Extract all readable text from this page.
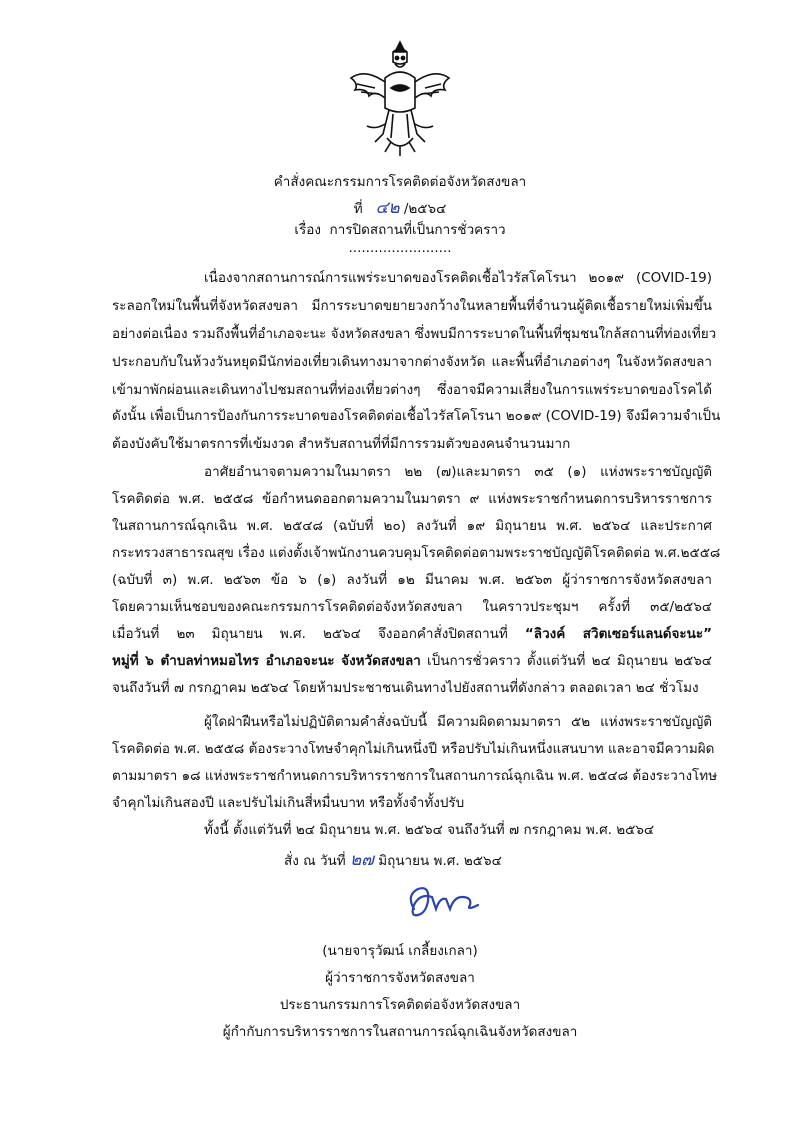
คำสั่งคณะกรรมการโรคติดต่อจังหวัดสงขลา
ที่ ๔๒ /๒๕๖๔
เรื่อง การปิดสถานที่เป็นการชั่วคราว
........................
เนื่องจากสถานการณ์การแพร่ระบาดของโรคติดเชื้อไวรัสโคโรนา ๒๐๑๙ (COVID-19)
ระลอกใหม่ในพื้นที่จังหวัดสงขลา มีการระบาดขยายวงกว้างในหลายพื้นที่จำนวนผู้ติดเชื้อรายใหม่เพิ่มขึ้น
อย่างต่อเนื่อง รวมถึงพื้นที่อำเภอจะนะ จังหวัดสงขลา ซึ่งพบมีการระบาดในพื้นที่ชุมชนใกล้สถานที่ท่องเที่ยว
ประกอบกับในห้วงวันหยุดมีนักท่องเที่ยวเดินทางมาจากต่างจังหวัด และพื้นที่อำเภอต่างๆ ในจังหวัดสงขลา
เข้ามาพักผ่อนและเดินทางไปชมสถานที่ท่องเที่ยวต่างๆ ซึ่งอาจมีความเสี่ยงในการแพร่ระบาดของโรคได้
ดังนั้น เพื่อเป็นการป้องกันการระบาดของโรคติดต่อเชื้อไวรัสโคโรนา ๒๐๑๙ (COVID-19) จึงมีความจำเป็น
ต้องบังคับใช้มาตรการที่เข้มงวด สำหรับสถานที่ที่มีการรวมตัวของคนจำนวนมาก
อาศัยอำนาจตามความในมาตรา ๒๒ (๗)และมาตรา ๓๕ (๑) แห่งพระราชบัญญัติ
โรคติดต่อ พ.ศ. ๒๕๕๘ ข้อกำหนดออกตามความในมาตรา ๙ แห่งพระราชกำหนดการบริหารราชการ
ในสถานการณ์ฉุกเฉิน พ.ศ. ๒๕๔๘ (ฉบับที่ ๒๐) ลงวันที่ ๑๙ มิถุนายน พ.ศ. ๒๕๖๔ และประกาศ
กระทรวงสาธารณสุข เรื่อง แต่งตั้งเจ้าพนักงานควบคุมโรคติดต่อตามพระราชบัญญัติโรคติดต่อ พ.ศ.๒๕๕๘
(ฉบับที่ ๓) พ.ศ. ๒๕๖๓ ข้อ ๖ (๑) ลงวันที่ ๑๒ มีนาคม พ.ศ. ๒๕๖๓ ผู้ว่าราชการจังหวัดสงขลา
โดยความเห็นชอบของคณะกรรมการโรคติดต่อจังหวัดสงขลา ในคราวประชุมฯ ครั้งที่ ๓๕/๒๕๖๔
เมื่อวันที่ ๒๓ มิถุนายน พ.ศ. ๒๕๖๔ จึงออกคำสั่งปิดสถานที่ “ลิวงค์ สวิตเซอร์แลนด์จะนะ”
หมู่ที่ ๖ ตำบลท่าหมอไทร อำเภอจะนะ จังหวัดสงขลา เป็นการชั่วคราว ตั้งแต่วันที่ ๒๔ มิถุนายน ๒๕๖๔
จนถึงวันที่ ๗ กรกฎาคม ๒๕๖๔ โดยห้ามประชาชนเดินทางไปยังสถานที่ดังกล่าว ตลอดเวลา ๒๔ ชั่วโมง
ผู้ใดฝ่าฝืนหรือไม่ปฏิบัติตามคำสั่งฉบับนี้ มีความผิดตามมาตรา ๕๒ แห่งพระราชบัญญัติ
โรคติดต่อ พ.ศ. ๒๕๕๘ ต้องระวางโทษจำคุกไม่เกินหนึ่งปี หรือปรับไม่เกินหนึ่งแสนบาท และอาจมีความผิด
ตามมาตรา ๑๘ แห่งพระราชกำหนดการบริหารราชการในสถานการณ์ฉุกเฉิน พ.ศ. ๒๕๔๘ ต้องระวางโทษ
จำคุกไม่เกินสองปี และปรับไม่เกินสี่หมื่นบาท หรือทั้งจำทั้งปรับ
ทั้งนี้ ตั้งแต่วันที่ ๒๔ มิถุนายน พ.ศ. ๒๕๖๔ จนถึงวันที่ ๗ กรกฎาคม พ.ศ. ๒๕๖๔
สั่ง ณ วันที่ ๒๗ มิถุนายน พ.ศ. ๒๕๖๔
(นายจารุวัฒน์ เกลี้ยงเกลา)
ผู้ว่าราชการจังหวัดสงขลา
ประธานกรรมการโรคติดต่อจังหวัดสงขลา
ผู้กำกับการบริหารราชการในสถานการณ์ฉุกเฉินจังหวัดสงขลา
